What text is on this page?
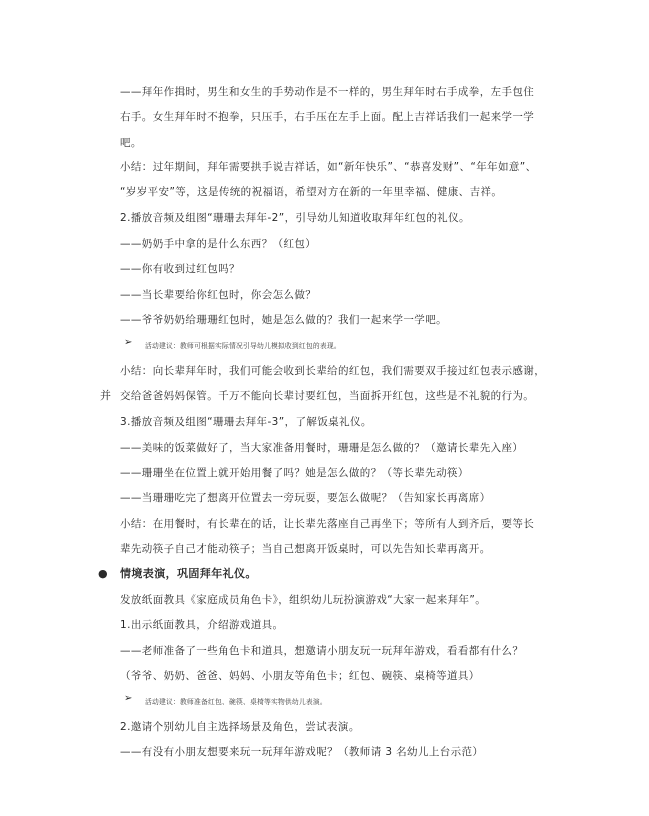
——拜年作揖时，男生和女生的手势动作是不一样的，男生拜年时右手成拳，左手包住
右手。女生拜年时不抱拳，只压手，右手压在左手上面。配上吉祥话我们一起来学一学
吧。
小结：过年期间，拜年需要拱手说吉祥话，如“新年快乐”、“恭喜发财”、“年年如意”、
“岁岁平安”等，这是传统的祝福语，希望对方在新的一年里幸福、健康、吉祥。
2.播放音频及组图“珊珊去拜年-2”，引导幼儿知道收取拜年红包的礼仪。
——奶奶手中拿的是什么东西？（红包）
——你有收到过红包吗？
——当长辈要给你红包时，你会怎么做？
——爷爷奶奶给珊珊红包时，她是怎么做的？我们一起来学一学吧。
➢ 活动建议：教师可根据实际情况引导幼儿模拟收到红包的表现。
小结：向长辈拜年时，我们可能会收到长辈给的红包，我们需要双手接过红包表示感谢，
并 交给爸爸妈妈保管。千万不能向长辈讨要红包，当面拆开红包，这些是不礼貌的行为。
3.播放音频及组图“珊珊去拜年-3”，了解饭桌礼仪。
——美味的饭菜做好了，当大家准备用餐时，珊珊是怎么做的？（邀请长辈先入座）
——珊珊坐在位置上就开始用餐了吗？她是怎么做的？（等长辈先动筷）
——当珊珊吃完了想离开位置去一旁玩耍，要怎么做呢？（告知家长再离席）
小结：在用餐时，有长辈在的话，让长辈先落座自己再坐下；等所有人到齐后，要等长
辈先动筷子自己才能动筷子；当自己想离开饭桌时，可以先告知长辈再离开。
● 情境表演，巩固拜年礼仪。
发放纸面教具《家庭成员角色卡》，组织幼儿玩扮演游戏“大家一起来拜年”。
1.出示纸面教具，介绍游戏道具。
——老师准备了一些角色卡和道具，想邀请小朋友玩一玩拜年游戏，看看都有什么？
（爷爷、奶奶、爸爸、妈妈、小朋友等角色卡；红包、碗筷、桌椅等道具）
➢ 活动建议：教师准备红包、碗筷、桌椅等实物供幼儿表演。
2.邀请个别幼儿自主选择场景及角色，尝试表演。
——有没有小朋友想要来玩一玩拜年游戏呢？（教师请 3 名幼儿上台示范）
